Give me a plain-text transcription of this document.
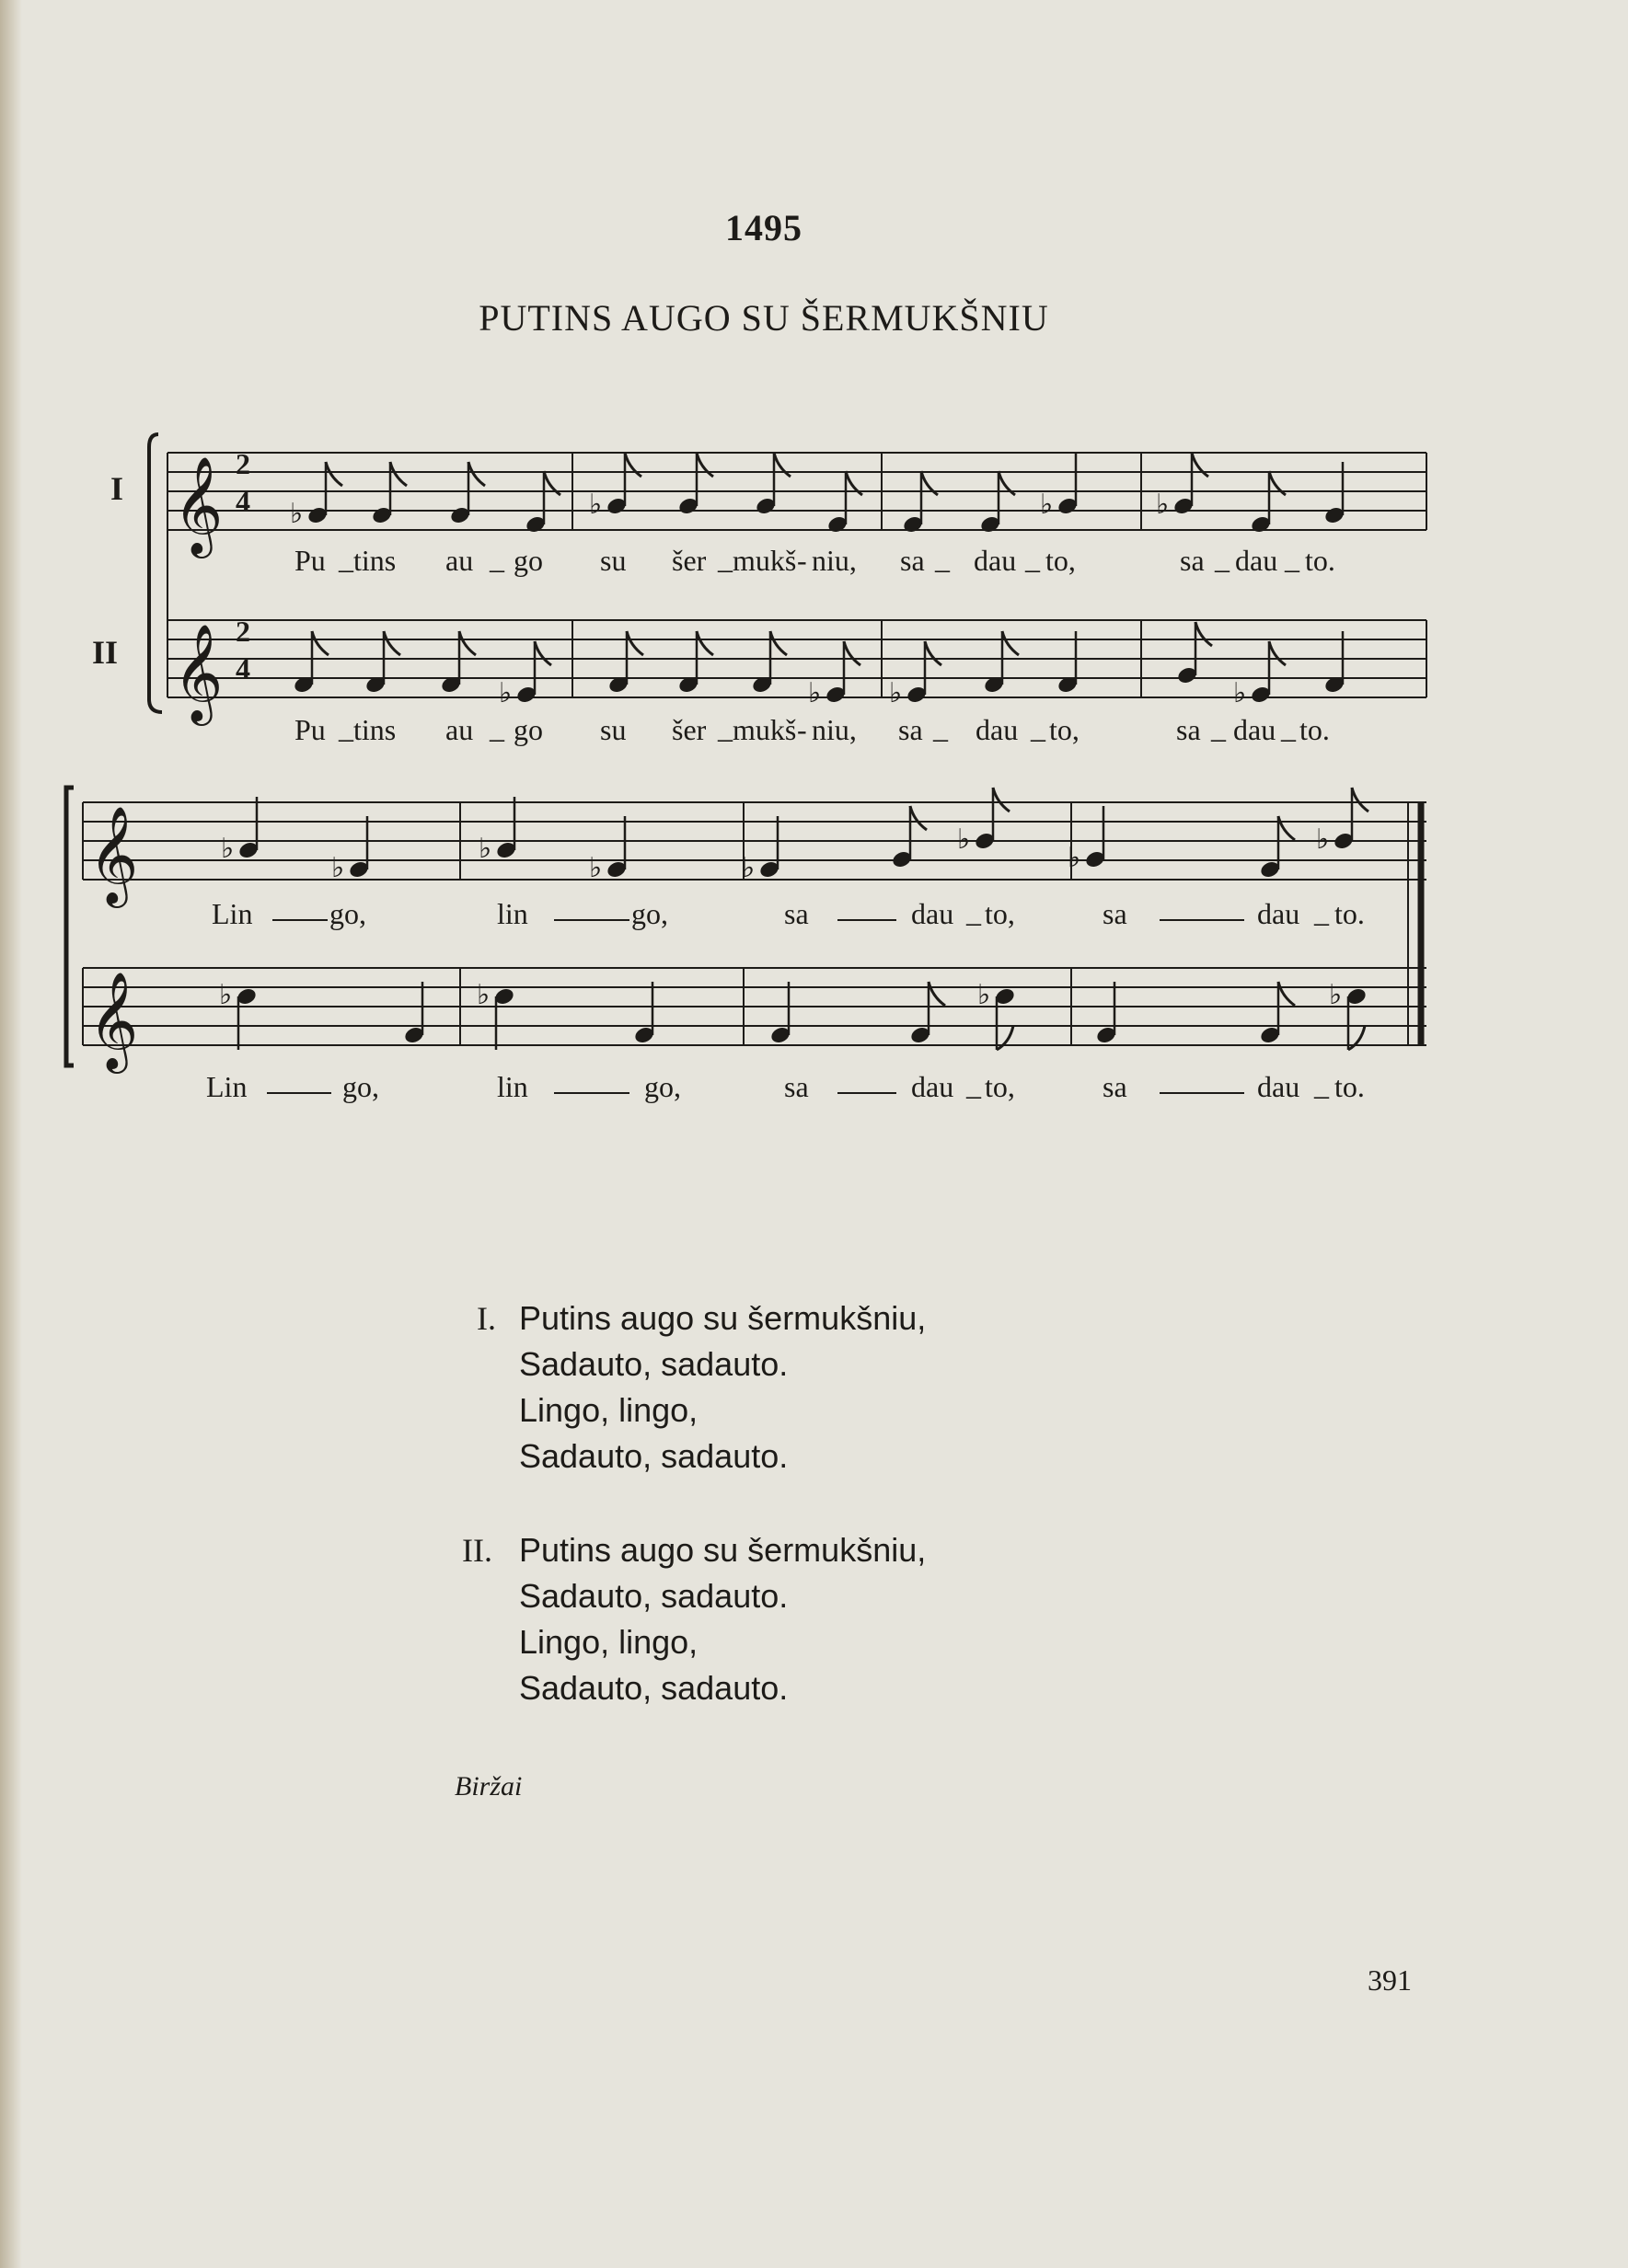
1495
PUTINS AUGO SU ŠERMUKŠNIU
I
II
𝄞
𝄞
𝄞
𝄞
2
4
2
4
♭	♭	♭	♭
♭	♭ ♭	♭
♭
♭
♭
♭	♭
♭
♭
♭
♭	♭	♭	♭
Pu _ tins au _ go su šer _ mukš - niu, sa _ dau _ to,	sa _ dau _ to.
Pu _ tins au _ go su šer _ mukš - niu, sa _ dau _ to,	sa _ dau _ to.
Lin	go,	lin	go,	sa	dau _ to,	sa	dau _ to.
Lin	go,	lin	go,	sa	dau _ to,	sa	dau _ to.
I. Putins augo su šermukšniu,
Sadauto, sadauto.
Lingo, lingo,
Sadauto, sadauto.
II. Putins augo su šermukšniu,
Sadauto, sadauto.
Lingo, lingo,
Sadauto, sadauto.
Biržai
391
